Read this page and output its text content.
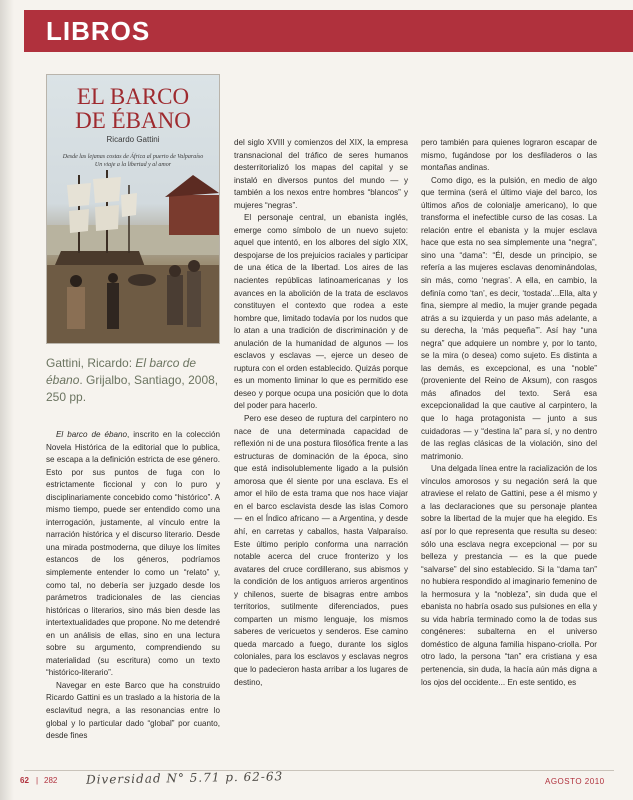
LIBROS
EL BARCO
DE ÉBANO
Ricardo Gattini
Desde las lejanas costas de África al puerto de Valparaíso
Un viaje a la libertad y al amor
Gattini, Ricardo: El barco de ébano. Grijalbo, Santiago, 2008, 250 pp.

El barco de ébano, inscrito en la colección Novela Histórica de la editorial que lo publica, se escapa a la definición estricta de ese género. Esto por sus puntos de fuga con lo estrictamente ficcional y con lo puro y disciplinariamente concebido como “histórico”. A mismo tiempo, puede ser entendido como una interrogación, justamente, al vínculo entre la narración histórica y el discurso literario. Desde una mirada postmoderna, que diluye los límites estancos de los géneros, podríamos simplemente entender lo como un “relato” y, como tal, no debería ser juzgado desde los parámetros tradicionales de las ciencias históricas o literarios, sino más bien desde las intertextualidades que propone. No me detendré en un análisis de ellas, sino en una lectura sobre su argumento, comprendiendo su materialidad (su escritura) como un texto “histórico-literario”.

Navegar en este Barco que ha construido Ricardo Gattini es un traslado a la historia de la esclavitud negra, a las resonancias entre lo global y lo particular dado “global” por cuanto, desde fines

del siglo XVIII y comienzos del XIX, la empresa transnacional del tráfico de seres humanos desterritorializó los mapas del capital y se instaló en diversos puntos del mundo — y también a los nexos entre hombres “blancos” y mujeres “negras”.

El personaje central, un ebanista inglés, emerge como símbolo de un nuevo sujeto: aquel que intentó, en los albores del siglo XIX, despojarse de los prejuicios raciales y participar de una ética de la libertad. Los aires de las nacientes repúblicas latinoamericanas y los avances en la abolición de la trata de esclavos constituyen el contexto que rodea a este hombre que, limitado todavía por los nudos que lo atan a una tradición de discriminación y de anulación de la humanidad de algunos — los esclavos y esclavas —, ejerce un deseo de ruptura con el orden establecido. Quizás porque es un momento liminar lo que es permitido ese deseo y porque ocupa una posición que lo dota del poder para hacerlo.

Pero ese deseo de ruptura del carpintero no nace de una determinada capacidad de reflexión ni de una postura filosófica frente a las estructuras de dominación de la época, sino que está indisolublemente ligado a la pulsión amorosa que él siente por una esclava. Es el amor el hilo de esta trama que nos hace viajar en el barco esclavista desde las islas Comoro — en el Índico africano — a Argentina, y desde ahí, en carretas y caballos, hasta Valparaíso. Este último periplo conforma una narración notable acerca del cruce fronterizo y los avatares del cruce cordillerano, sus abismos y la condición de los antiguos arrieros argentinos y chilenos, suerte de bisagras entre ambos territorios, sutilmente diferenciados, pues comparten un mismo lenguaje, los mismos saberes de vericuetos y senderos. Ese camino queda marcado a fuego, durante los siglos coloniales, para los esclavos y esclavas negros que lo padecieron hasta arribar a los lugares de destino,

pero también para quienes lograron escapar de mismo, fugándose por los desfiladeros o las montañas andinas.

Como digo, es la pulsión, en medio de algo que termina (será el último viaje del barco, los últimos años de colonialje americano), lo que transforma el inefectible curso de las cosas. La relación entre el ebanista y la mujer esclava hace que esta no sea simplemente una “negra”, sino una “dama”: “Él, desde un principio, se refería a las mujeres esclavas denominándolas, sin más, como ‘negras’. A ella, en cambio, la definía como ‘tan’, es decir, ‘tostada’...Ella, alta y fina, siempre al medio, la mujer grande pegada atrás a su izquierda y un paso más adelante, a su derecha, la ‘más pequeña’”. Así hay “una negra” que adquiere un nombre y, por lo tanto, se la mira (o desea) como sujeto. Es distinta a las demás, es excepcional, es una “noble” (proveniente del Reino de Aksum), con rasgos más afinados del texto. Será esa excepcionalidad la que cautive al carpintero, la que lo haga protagonista — junto a sus cuidadoras — y “destina la” para sí, y no dentro de las reglas clásicas de la violación, sino del matrimonio.

Una delgada línea entre la racialización de los vínculos amorosos y su negación será la que atraviese el relato de Gattini, pese a él mismo y a las declaraciones que su personaje plantea sobre la libertad de la mujer que ha elegido. Es así por lo que representa que resulta su deseo: sólo una esclava negra excepcional — por su belleza y prestancia — es la que puede “salvarse” del sino establecido. Si la “dama tan” no hubiera respondido al imaginario femenino de la hermosura y la “nobleza”, sin duda que el ebanista no habría osado sus pulsiones en ella y su vida habría terminado como la de todas sus congéneres: subalterna en el universo doméstico de alguna familia hispano-criolla. Por otro lado, la persona “tan” era cristiana y esa pertenencia, sin duda, la hacía aún más digna a los ojos del occidente... En este sentido, es

62 | 282 Diversidad N° 5.71 p. 62-63	AGOSTO 2010
